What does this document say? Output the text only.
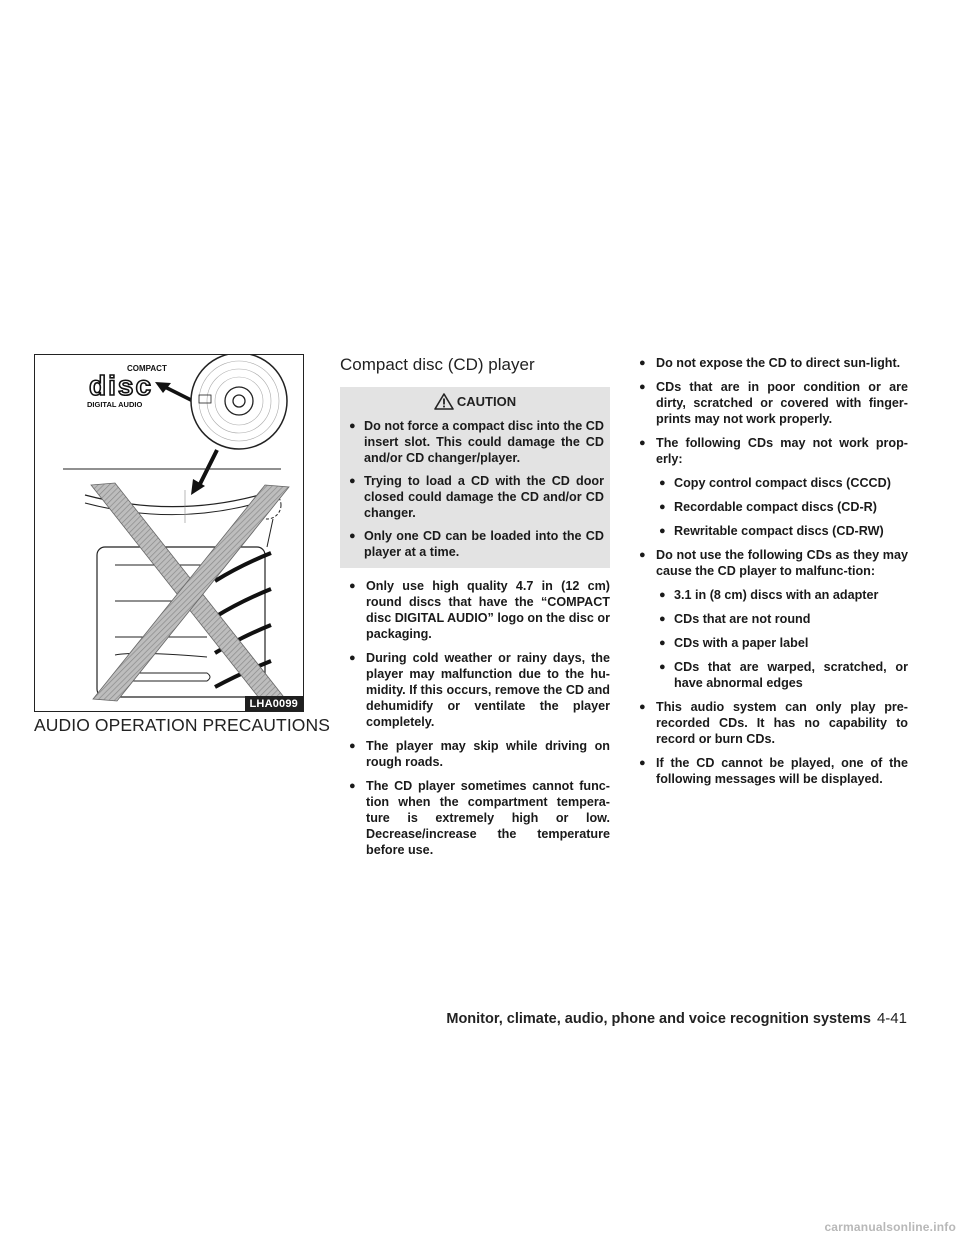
COMPACT
disc
DIGITAL AUDIO
LHA0099
AUDIO OPERATION PRECAUTIONS
Compact disc (CD) player
CAUTION
● Do not force a compact disc into the CD insert slot. This could damage the CD and/or CD changer/player.
● Trying to load a CD with the CD door closed could damage the CD and/or CD changer.
● Only one CD can be loaded into the CD player at a time.
● Only use high quality 4.7 in (12 cm) round discs that have the “COMPACT disc DIGITAL AUDIO” logo on the disc or packaging.
● During cold weather or rainy days, the player may malfunction due to the hu-midity. If this occurs, remove the CD and dehumidify or ventilate the player completely.
● The player may skip while driving on rough roads.
● The CD player sometimes cannot func-tion when the compartment tempera-ture is extremely high or low. Decrease/increase the temperature before use.
● Do not expose the CD to direct sun-light.
● CDs that are in poor condition or are dirty, scratched or covered with finger-prints may not work properly.
● The following CDs may not work prop-erly:
● Copy control compact discs (CCCD)
● Recordable compact discs (CD-R)
● Rewritable compact discs (CD-RW)
● Do not use the following CDs as they may cause the CD player to malfunc-tion:
● 3.1 in (8 cm) discs with an adapter
● CDs that are not round
● CDs with a paper label
● CDs that are warped, scratched, or have abnormal edges
● This audio system can only play pre-recorded CDs. It has no capability to record or burn CDs.
● If the CD cannot be played, one of the following messages will be displayed.
Monitor, climate, audio, phone and voice recognition systems 4-41
carmanualsonline.info
